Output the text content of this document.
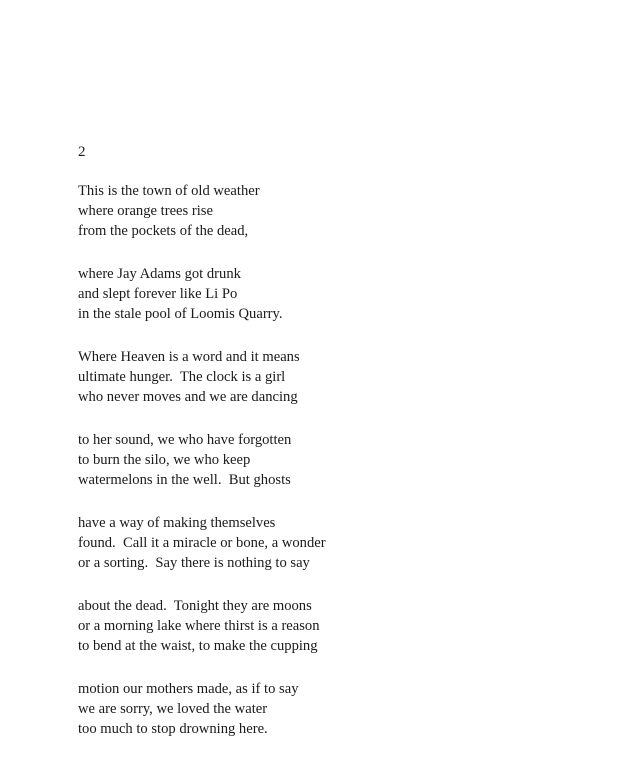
2

This is the town of old weather
where orange trees rise
from the pockets of the dead,
where Jay Adams got drunk
and slept forever like Li Po
in the stale pool of Loomis Quarry.
Where Heaven is a word and it means
ultimate hunger.  The clock is a girl
who never moves and we are dancing
to her sound, we who have forgotten
to burn the silo, we who keep
watermelons in the well.  But ghosts
have a way of making themselves
found.  Call it a miracle or bone, a wonder
or a sorting.  Say there is nothing to say
about the dead.  Tonight they are moons
or a morning lake where thirst is a reason
to bend at the waist, to make the cupping
motion our mothers made, as if to say
we are sorry, we loved the water
too much to stop drowning here.
